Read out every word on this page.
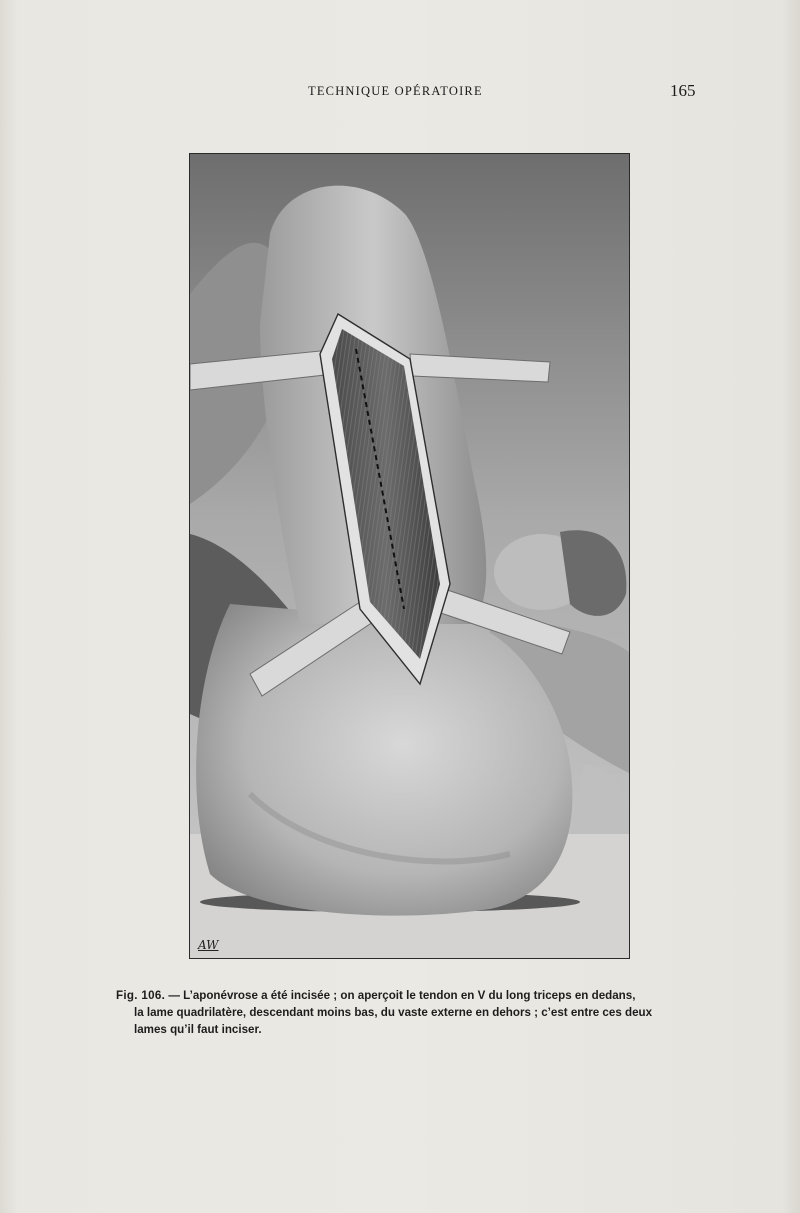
TECHNIQUE OPÉRATOIRE	165
AW
Fig. 106. — L’aponévrose a été incisée ; on aperçoit le tendon en V du long triceps en dedans,
la lame quadrilatère, descendant moins bas, du vaste externe en dehors ; c’est entre ces deux
lames qu’il faut inciser.
